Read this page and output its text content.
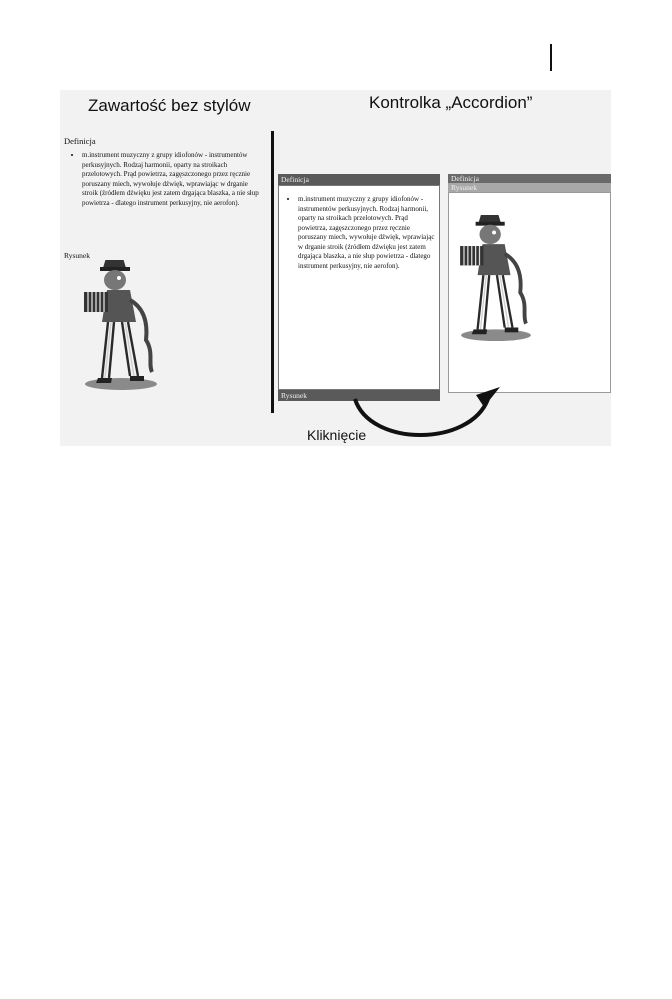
Zawartość bez stylów	Kontrolka „Accordion”
Definicja
• m.instrument muzyczny z grupy idiofonów - instrumentów perkusyjnych. Rodzaj harmonii, oparty na stroikach przelotowych. Prąd powietrza, zagęszczonego przez ręcznie poruszany miech, wywołuje dźwięk, wprawiając w drganie stroik (źródłem dźwięku jest zatem drgająca blaszka, a nie słup powietrza - dlatego instrument perkusyjny, nie aerofon).
Rysunek
Definicja
• m.instrument muzyczny z grupy idiofonów - instrumentów perkusyjnych. Rodzaj harmonii, oparty na stroikach przelotowych. Prąd powietrza, zagęszczonego przez ręcznie poruszany miech, wywołuje dźwięk, wprawiając w drganie stroik (źródłem dźwięku jest zatem drgająca blaszka, a nie słup powietrza - dlatego instrument perkusyjny, nie aerofon).
Rysunek
Definicja
Rysunek
Kliknięcie
